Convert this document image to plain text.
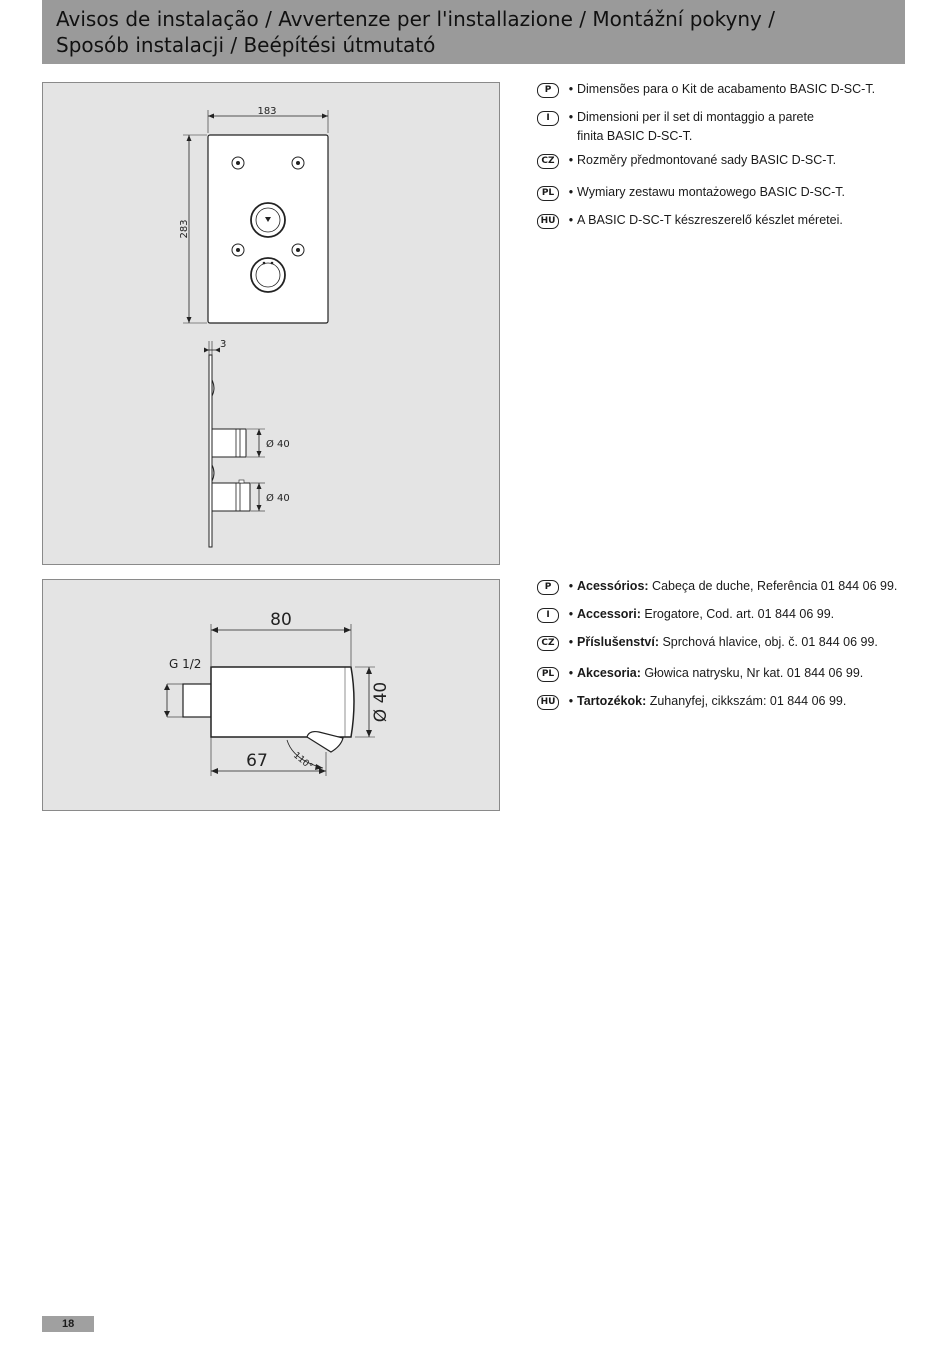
Avisos de instalação / Avvertenze per l'installazione / Montážní pokyny /
Sposób instalacji / Beépítési útmutató
183
283
3
Ø 40
Ø 40
P	• Dimensões para o Kit de acabamento BASIC D-SC-T.
I	• Dimensioni per il set di montaggio a parete finita BASIC D-SC-T.
CZ	• Rozměry předmontované sady BASIC D-SC-T.
PL	• Wymiary zestawu montażowego BASIC D-SC-T.
HU	• A BASIC D-SC-T készreszerelő készlet méretei.
80
G 1/2
Ø 40
67	110°
P	• Acessórios: Cabeça de duche, Referência 01 844 06 99.
I	• Accessori: Erogatore, Cod. art. 01 844 06 99.
CZ	• Příslušenství: Sprchová hlavice, obj. č. 01 844 06 99.
PL	• Akcesoria: Głowica natrysku, Nr kat. 01 844 06 99.
HU	• Tartozékok: Zuhanyfej, cikkszám: 01 844 06 99.
18
